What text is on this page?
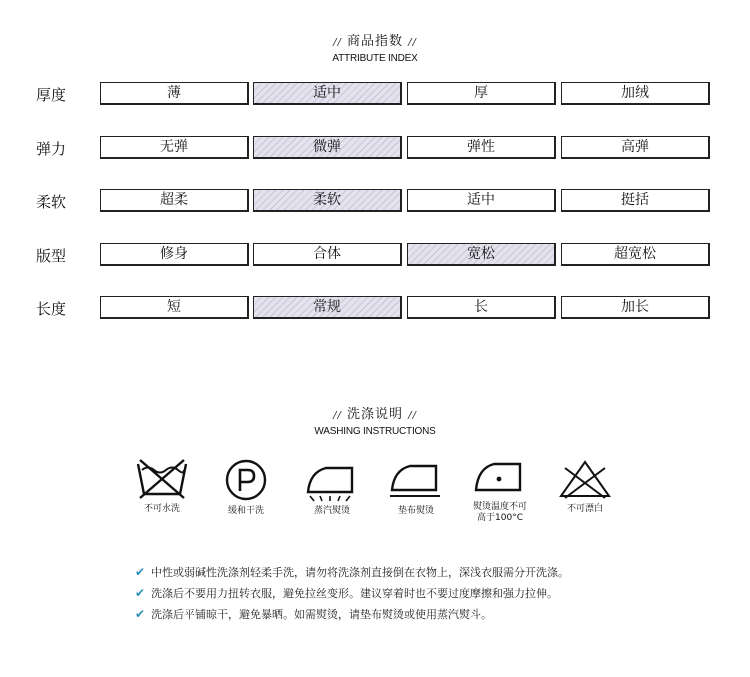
// 商品指数 //
ATTRIBUTE INDEX
厚度	薄	适中	厚	加绒
弹力	无弹	微弹	弹性	高弹
柔软	超柔	柔软	适中	挺括
版型	修身	合体	宽松	超宽松
长度	短	常规	长	加长
// 洗涤说明 //
WASHING INSTRUCTIONS
不可水洗	缓和干洗	蒸汽熨烫	垫布熨烫	熨烫温度不可
高于100°C
不可漂白
✔ 中性或弱碱性洗涤剂轻柔手洗，请勿将洗涤剂直接倒在衣物上，深浅衣服需分开洗涤。
✔ 洗涤后不要用力扭转衣服，避免拉丝变形。建议穿着时也不要过度摩擦和强力拉伸。
✔ 洗涤后平铺晾干，避免暴晒。如需熨烫，请垫布熨烫或使用蒸汽熨斗。
